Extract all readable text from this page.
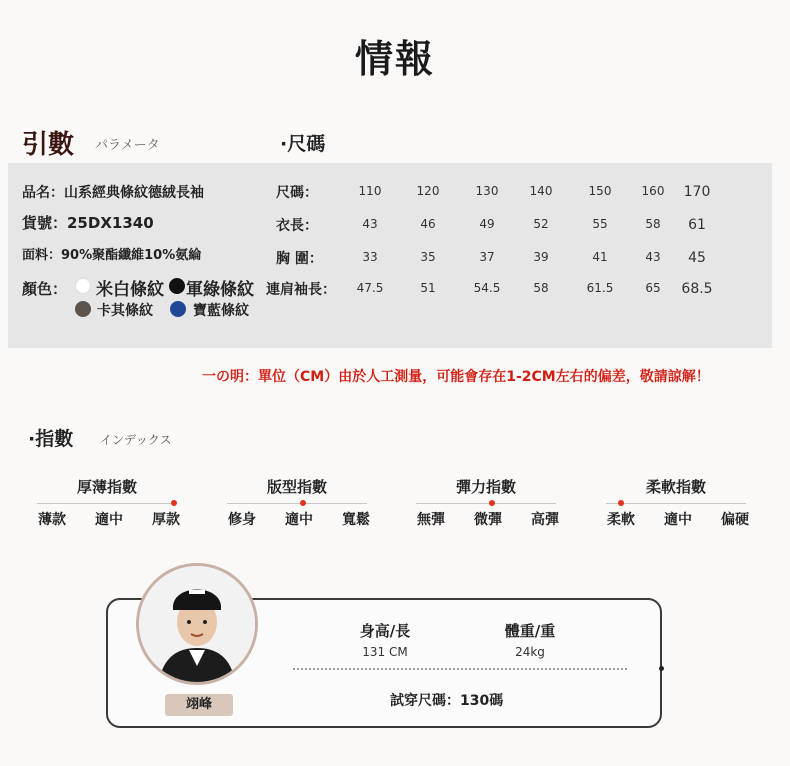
情報
引數 パラメータ	·尺碼
品名：山系經典條紋德絨長袖
貨號：25DX1340
面料：90%聚酯纖維10%氨綸
顏色： 米白條紋 軍綠條紋
卡其條紋	寶藍條紋
尺碼：	110	120	130	140	150	160	170
衣長：	43	46	49	52	55	58	61
胸 圍：	33	35	37	39	41	43	45
連肩袖長：	47.5	51	54.5	58	61.5	65	68.5
一の明：單位（CM）由於人工測量，可能會存在1-2CM左右的偏差，敬請諒解！
·指數 インデックス
厚薄指數
薄款	適中	厚款
版型指數
修身	適中	寬鬆
彈力指數
無彈	微彈	高彈
柔軟指數
柔軟	適中	偏硬
翊峰
身高/長
131 CM
體重/重
24kg
試穿尺碼：130碼
